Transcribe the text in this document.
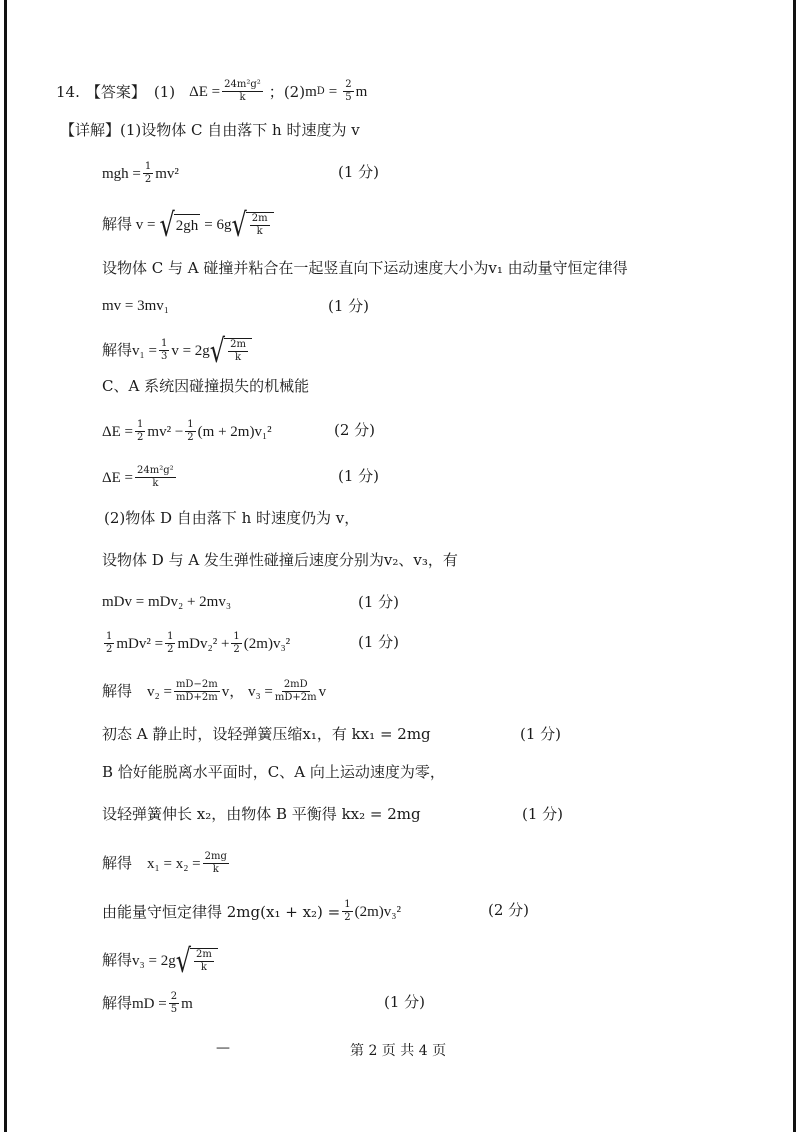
14. 【答案】 (1) $\Delta E = \frac{\text{24m²g²}}{k}$ ； (2) m $D = \frac{2}{5}$ m
【详解】 (1)设物体 C 自由落下 h 时速度为 v
mgh = $\frac{1}{2} mv^2$	(1 分)
解得 v = √ 2gh = 6g √ $\frac{2m}{k}$
设物体 C 与 A 碰撞并粘合在一起竖直向下运动速度大小为v₁ 由动量守恒定律得
mv = 3mv₁	(1 分)
解得$v_1 = \frac{1}{3}$ v = 2g √ $\frac{2m}{k}$
C、A 系统因碰撞损失的机械能
$\Delta E = \frac{1}{2} mv^2 - \frac{1}{2} (m + 2m)v_1^2$	(2 分)
$\Delta E = \frac{\text{24m²g²}}{k}$	(1 分)
(2)物体 D 自由落下 h 时速度仍为 v，
设物体 D 与 A 发生弹性碰撞后速度分别为v₂、v₃，有
mDv = mDv₂ + 2mv₃	(1 分)
$\frac{1}{2} mDv^2 = \frac{1}{2} mDv_2^2 + \frac{1}{2} (2m)v_3^2$	(1 分)
解得    $v_2 = \frac{mD-2m}{mD+2m}$ v， $v_3 = \frac{2mD}{mD+2m}$ v
初态 A 静止时，设轻弹簧压缩x₁，有 kx₁ = 2mg	(1 分)
B 恰好能脱离水平面时，C、A 向上运动速度为零，
设轻弹簧伸长 x₂，由物体 B 平衡得 kx₂ = 2mg	(1 分)
解得    $x_1 = x_2 = \frac{2mg}{k}$
由能量守恒定律得 $2mg(x_1 + x_2) = \frac{1}{2} (2m)v_3^2$	(2 分)
解得v₃ = 2g √ $\frac{2m}{k}$
解得mD = $\frac{2}{5}$ m	(1 分)
—	第 2 页 共 4 页
